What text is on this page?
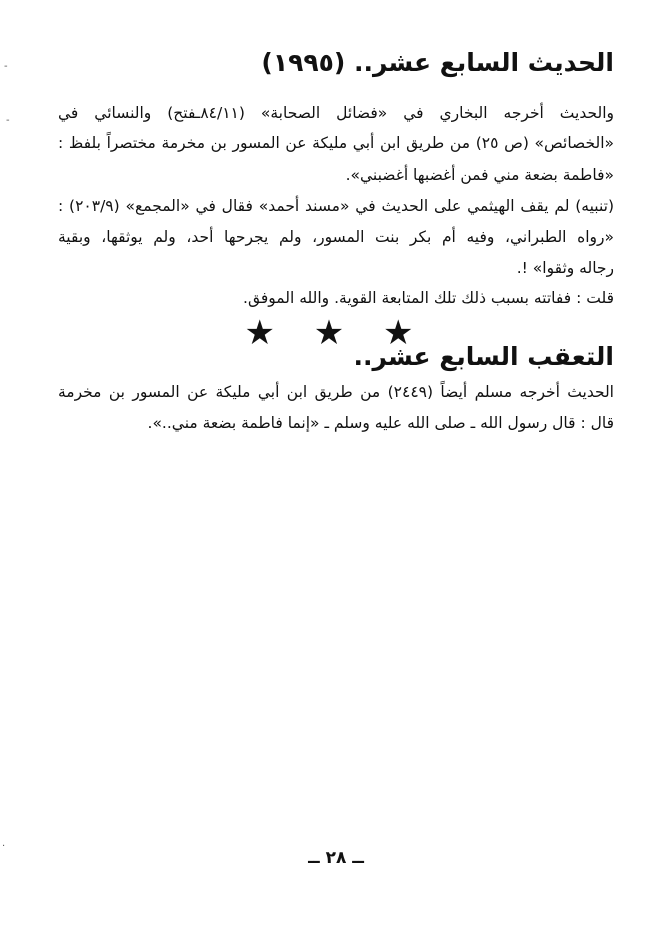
الحديث السابع عشر.. (١٩٩٥)
والحديث أخرجه البخاري في «فضائل الصحابة» (٨٤/١١ـفتح) والنسائي في
«الخصائص» (ص ٢٥) من طريق ابن أبي مليكة عن المسور بن مخرمة مختصراً بلفظ :
«فاطمة بضعة مني فمن أغضبها أغضبني».
(تنبيه) لم يقف الهيثمي على الحديث في «مسند أحمد» فقال في «المجمع» (٢٠٣/٩) :
«رواه الطبراني، وفيه أم بكر بنت المسور، ولم يجرحها أحد، ولم يوثقها، وبقية
رجاله وثقوا» !.
قلت : ففاتته بسبب ذلك تلك المتابعة القوية. والله الموفق.
★ ★ ★
التعقب السابع عشر..
الحديث أخرجه مسلم أيضاً (٢٤٤٩) من طريق ابن أبي مليكة عن المسور بن مخرمة
قال : قال رسول الله ـ صلى الله عليه وسلم ـ «إنما فاطمة بضعة مني..».
ــ ٢٨ ــ
-
-
·
